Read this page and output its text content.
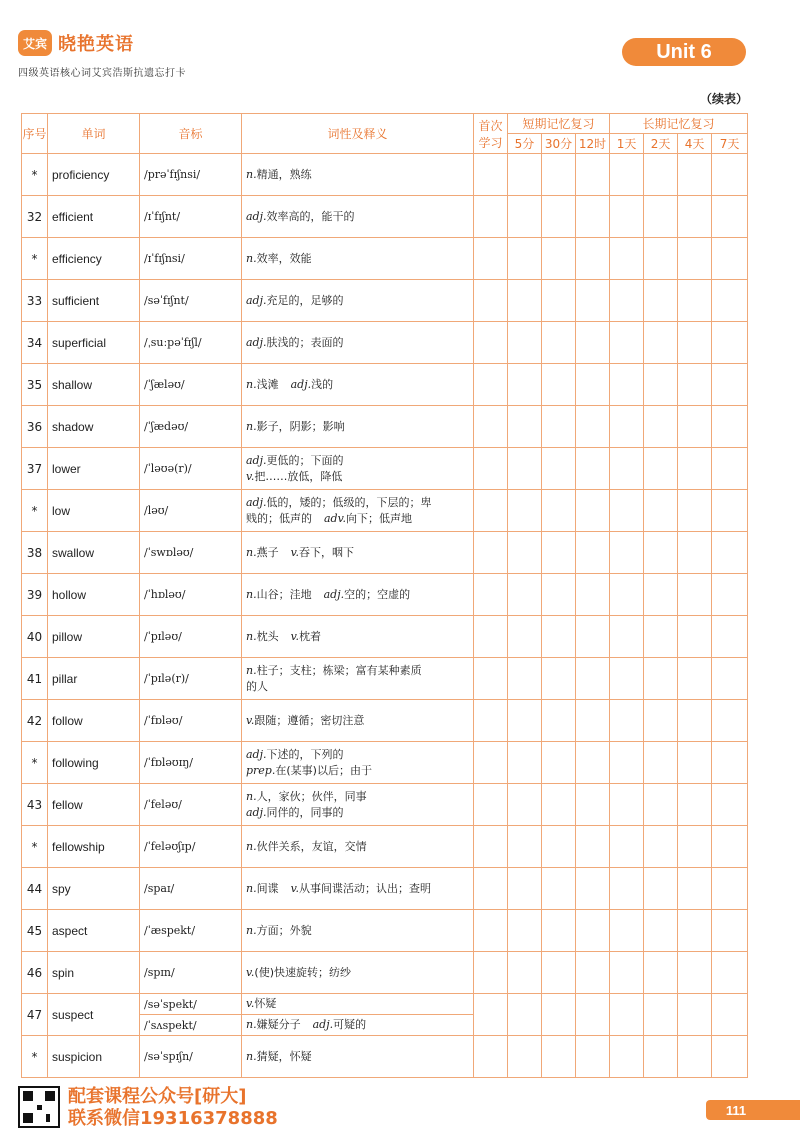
艾宾 晓艳英语
四级英语核心词艾宾浩斯抗遗忘打卡
Unit 6
（续表）
序号	单词	音标	词性及释义	首次学习	短期记忆复习			长期记忆复习			
					5分	30分	12时	1天	2天	4天	7天
*	proficiency	/prəˈfɪʃnsi/	n.精通，熟练								

32	efficient	/ɪˈfɪʃnt/	adj.效率高的，能干的								

*	efficiency	/ɪˈfɪʃnsi/	n.效率，效能								

33	sufficient	/səˈfɪʃnt/	adj.充足的，足够的								

34	superficial	/ˌsuːpəˈfɪʃl/	adj.肤浅的；表面的								

35	shallow	/ˈʃæləʊ/	n.浅滩 adj.浅的								

36	shadow	/ˈʃædəʊ/	n.影子，阴影；影响								

37	lower	/ˈləʊə(r)/	adj.更低的；下面的
v.把……放低，降低								

*	low	/ləʊ/	adj.低的，矮的；低级的，下层的；卑
贱的；低声的 adv.向下；低声地								

38	swallow	/ˈswɒləʊ/	n.燕子 v.吞下，咽下								

39	hollow	/ˈhɒləʊ/	n.山谷；洼地 adj.空的；空虚的								

40	pillow	/ˈpɪləʊ/	n.枕头 v.枕着								

41	pillar	/ˈpɪlə(r)/	n.柱子；支柱；栋梁；富有某种素质
的人								

42	follow	/ˈfɒləʊ/	v.跟随；遵循；密切注意								

*	following	/ˈfɒləʊɪŋ/	adj.下述的，下列的
prep.在(某事)以后；由于								

43	fellow	/ˈfeləʊ/	n.人，家伙；伙伴，同事
adj.同伴的，同事的								

*	fellowship	/ˈfeləʊʃɪp/	n.伙伴关系，友谊，交情								

44	spy	/spaɪ/	n.间谍 v.从事间谍活动；认出；查明								

45	aspect	/ˈæspekt/	n.方面；外貌								

46	spin	/spɪn/	v.(使)快速旋转；纺纱								

47	suspect	/səˈspekt/	v.怀疑								

		/ˈsʌspekt/	n.嫌疑分子 adj.可疑的								

*	suspicion	/səˈspɪʃn/	n.猜疑，怀疑								

配套课程公众号[研大]
联系微信19316378888	111
